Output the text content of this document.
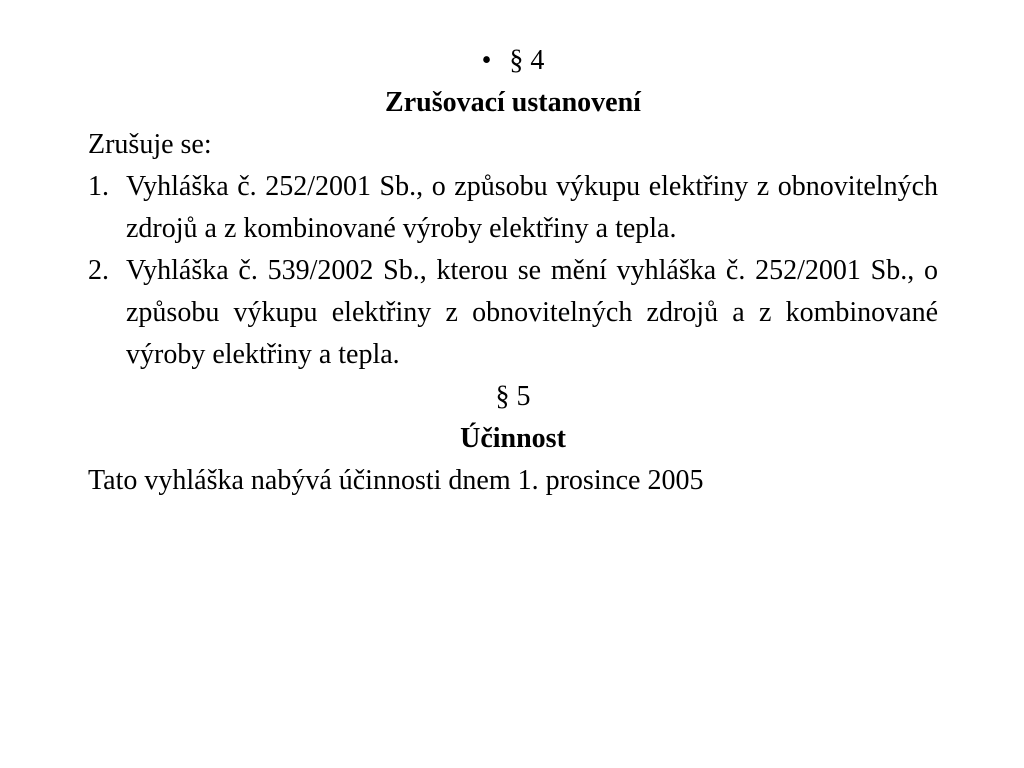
• § 4
Zrušovací ustanovení
Zrušuje se:
1. Vyhláška č. 252/2001 Sb., o způsobu výkupu elektřiny z obnovitelných zdrojů a z kombinované výroby elektřiny a tepla.
2. Vyhláška č. 539/2002 Sb., kterou se mění vyhláška č. 252/2001 Sb., o způsobu výkupu elektřiny z obnovitelných zdrojů a z kombinované výroby elektřiny a tepla.
§ 5
Účinnost
Tato vyhláška nabývá účinnosti dnem 1. prosince 2005
